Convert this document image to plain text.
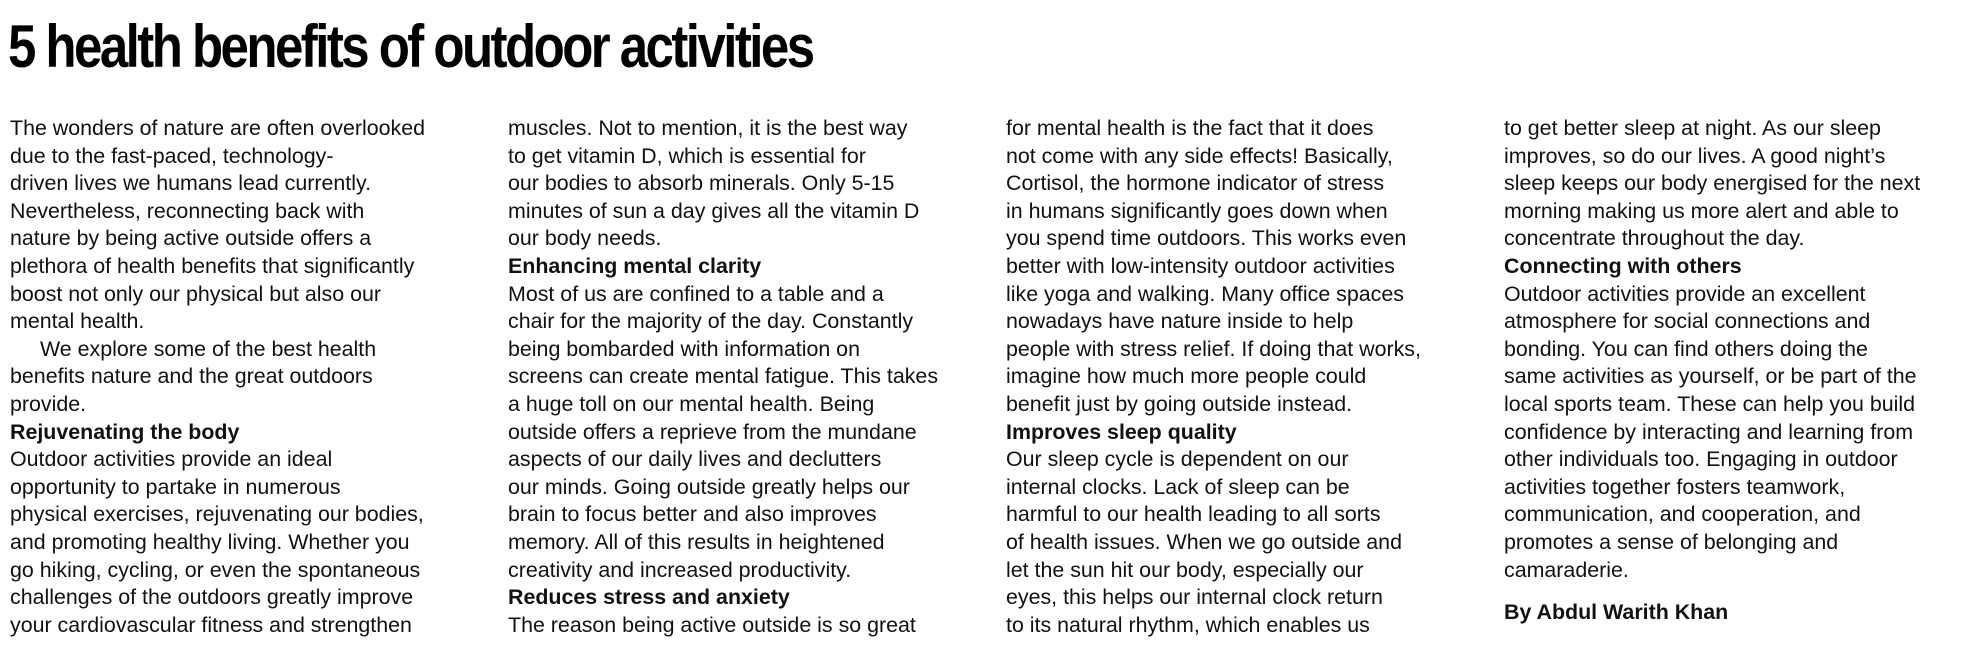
5 health benefits of outdoor activities

The wonders of nature are often overlooked
due to the fast-paced, technology-
driven lives we humans lead currently.
Nevertheless, reconnecting back with
nature by being active outside offers a
plethora of health benefits that significantly
boost not only our physical but also our
mental health.

We explore some of the best health
benefits nature and the great outdoors
provide.

Rejuvenating the body

Outdoor activities provide an ideal
opportunity to partake in numerous
physical exercises, rejuvenating our bodies,
and promoting healthy living. Whether you
go hiking, cycling, or even the spontaneous
challenges of the outdoors greatly improve
your cardiovascular fitness and strengthen

muscles. Not to mention, it is the best way
to get vitamin D, which is essential for
our bodies to absorb minerals. Only 5-15
minutes of sun a day gives all the vitamin D
our body needs.

Enhancing mental clarity

Most of us are confined to a table and a
chair for the majority of the day. Constantly
being bombarded with information on
screens can create mental fatigue. This takes
a huge toll on our mental health. Being
outside offers a reprieve from the mundane
aspects of our daily lives and declutters
our minds. Going outside greatly helps our
brain to focus better and also improves
memory. All of this results in heightened
creativity and increased productivity.

Reduces stress and anxiety

The reason being active outside is so great

for mental health is the fact that it does
not come with any side effects! Basically,
Cortisol, the hormone indicator of stress
in humans significantly goes down when
you spend time outdoors. This works even
better with low-intensity outdoor activities
like yoga and walking. Many office spaces
nowadays have nature inside to help
people with stress relief. If doing that works,
imagine how much more people could
benefit just by going outside instead.

Improves sleep quality

Our sleep cycle is dependent on our
internal clocks. Lack of sleep can be
harmful to our health leading to all sorts
of health issues. When we go outside and
let the sun hit our body, especially our
eyes, this helps our internal clock return
to its natural rhythm, which enables us

to get better sleep at night. As our sleep
improves, so do our lives. A good night’s
sleep keeps our body energised for the next
morning making us more alert and able to
concentrate throughout the day.

Connecting with others

Outdoor activities provide an excellent
atmosphere for social connections and
bonding. You can find others doing the
same activities as yourself, or be part of the
local sports team. These can help you build
confidence by interacting and learning from
other individuals too. Engaging in outdoor
activities together fosters teamwork,
communication, and cooperation, and
promotes a sense of belonging and
camaraderie.

By Abdul Warith Khan
